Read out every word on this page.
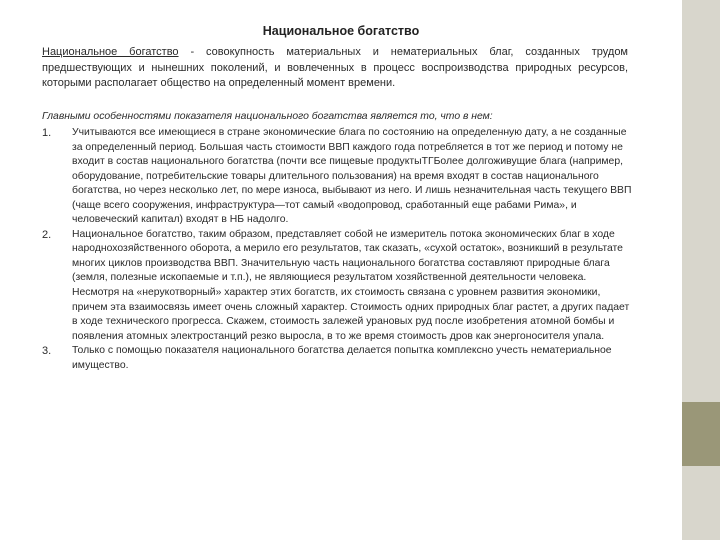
Национальное богатство
Национальное богатство - совокупность материальных и нематериальных благ, созданных трудом предшествующих и нынешних поколений, и вовлеченных в процесс воспроизводства природных ресурсов, которыми располагает общество на определенный момент времени.
Главными особенностями показателя национального богатства является то, что в нем:
1. Учитываются все имеющиеся в стране экономические блага по состоянию на определенную дату, а не созданные за определенный период. Большая часть стоимости ВВП каждого года потребляется в тот же период и потому не входит в состав национального богатства (почти все пищевые продуктыТГБолее долгоживущие блага (например, оборудование, потребительские товары длительного пользования) на время входят в состав национального богатства, но через несколько лет, по мере износа, выбывают из него. И лишь незначительная часть текущего ВВП (чаще всего сооружения, инфраструктура—тот самый «водопровод, сработанный еще рабами Рима», и человеческий капитал) входят в НБ надолго.
2. Национальное богатство, таким образом, представляет собой не измеритель потока экономических благ в ходе народнохозяйственного оборота, а мерило его результатов, так сказать, «сухой остаток», возникший в результате многих циклов производства ВВП. Значительную часть национального богатства составляют природные блага (земля, полезные ископаемые и т.п.), не являющиеся результатом хозяйственной деятельности человека. Несмотря на «нерукотворный» характер этих богатств, их стоимость связана с уровнем развития экономики, причем эта взаимосвязь имеет очень сложный характер. Стоимость одних природных благ растет, а других падает в ходе технического прогресса. Скажем, стоимость залежей урановых руд после изобретения атомной бомбы и появления атомных электростанций резко выросла, в то же время стоимость дров как энергоносителя упала.
3. Только с помощью показателя национального богатства делается попытка комплексно учесть нематериальное имущество.
